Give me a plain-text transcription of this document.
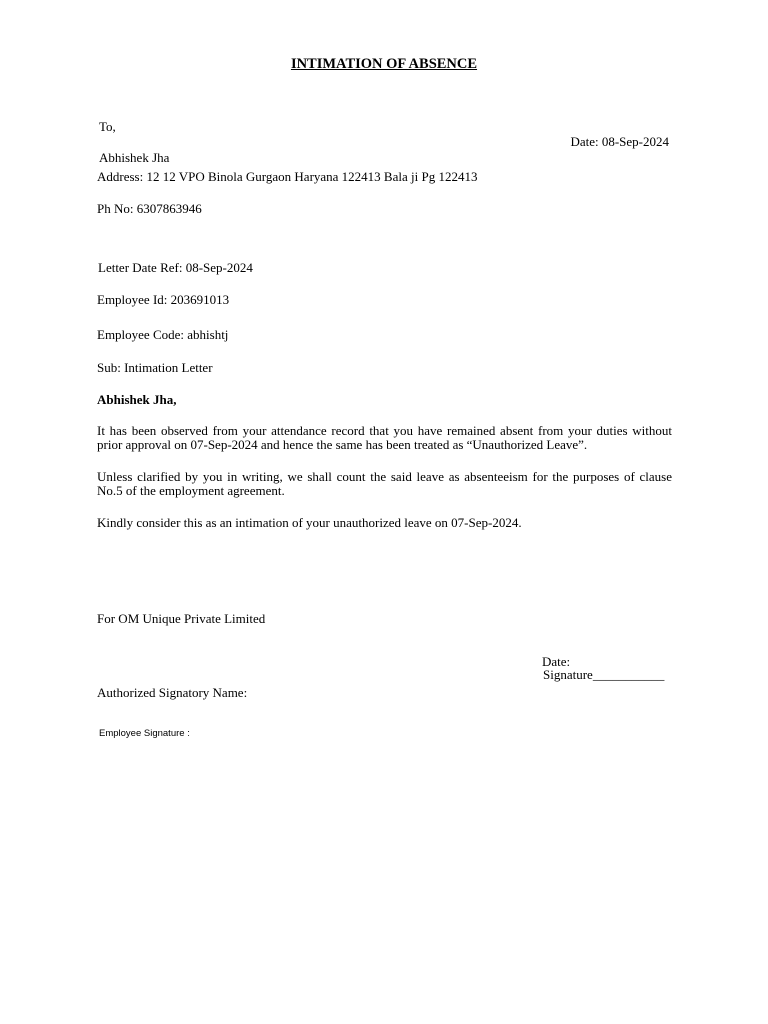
INTIMATION OF ABSENCE
To,
Date: 08-Sep-2024
Abhishek Jha
Address: 12 12 VPO Binola Gurgaon Haryana 122413 Bala ji Pg 122413
Ph No: 6307863946
Letter Date Ref: 08-Sep-2024
Employee Id: 203691013
Employee Code: abhishtj
Sub: Intimation Letter
Abhishek Jha,
It has been observed from your attendance record that you have remained absent from your duties without prior approval on 07-Sep-2024 and hence the same has been treated as “Unauthorized Leave”.
Unless clarified by you in writing, we shall count the said leave as absenteeism for the purposes of clause No.5 of the employment agreement.
Kindly consider this as an intimation of your unauthorized leave on 07-Sep-2024.
For OM Unique Private Limited
Date:
Signature___________
Authorized Signatory Name:
Employee Signature :
